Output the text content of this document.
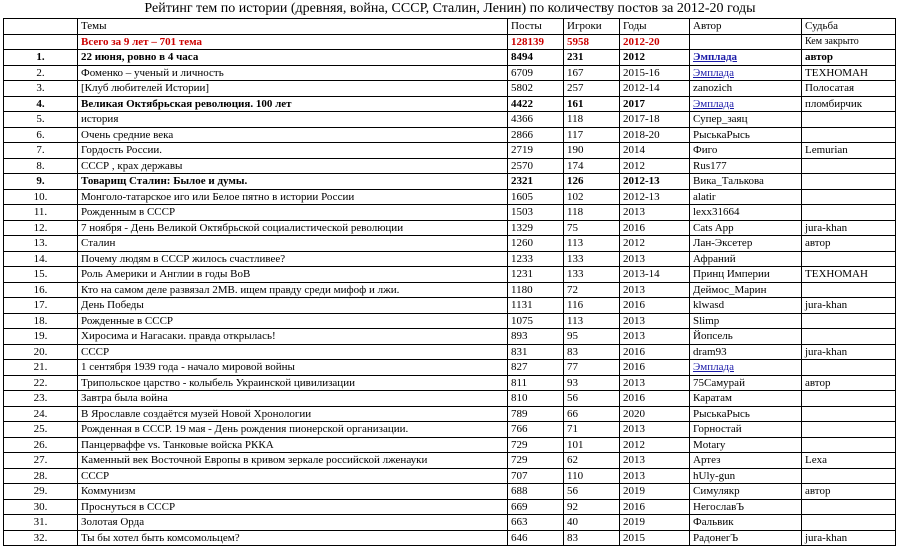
Рейтинг тем по истории (древняя, война, СССР, Сталин, Ленин) по количеству постов за 2012-20 годы
	Темы	Посты	Игроки	Годы	Автор	Судьба
	Всего за 9 лет – 701 тема	128139	5958	2012-20		Кем закрыто
1.	22 июня, ровно в 4 часа	8494	231	2012	Эмплада	автор
2.	Фоменко – ученый и личность	6709	167	2015-16	Эмплада	ТЕХНОМАН
3.	[Клуб любителей Истории]	5802	257	2012-14	zanozich	Полосатая
4.	Великая Октябрьская революция. 100 лет	4422	161	2017	Эмплада	пломбирчик
5.	история	4366	118	2017-18	Супер_заяц	
6.	Очень средние века	2866	117	2018-20	РыськаРысь	
7.	Гордость России.	2719	190	2014	Фиго	Lemurian
8.	СССР , крах державы	2570	174	2012	Rus177	
9.	Товарищ Сталин: Былое и думы.	2321	126	2012-13	Вика_Талькова	
10.	Монголо-татарское иго или Белое пятно в истории России	1605	102	2012-13	alatir	
11.	Рожденным в СССР	1503	118	2013	lexx31664	
12.	7 ноября - День Великой Октябрьской социалистической революции	1329	75	2016	Cats App	jura-khan
13.	Сталин	1260	113	2012	Лан-Эксетер	автор
14.	Почему людям в СССР жилось счастливее?	1233	133	2013	Афраний	
15.	Роль Америки и Англии в годы ВоВ	1231	133	2013-14	Принц Империи	ТЕХНОМАН
16.	Кто на самом деле развязал 2МВ. ищем правду среди мифоф и лжи.	1180	72	2013	Деймос_Марин	
17.	День Победы	1131	116	2016	klwasd	jura-khan
18.	Рожденные в СССР	1075	113	2013	Slimp	
19.	Хиросима и Нагасаки. правда открылась!	893	95	2013	Йопсель	
20.	СССР	831	83	2016	dram93	jura-khan
21.	1 сентября 1939 года - начало мировой войны	827	77	2016	Эмплада	
22.	Трипольское царство - колыбель Украинской цивилизации	811	93	2013	75Самурай	автор
23.	Завтра была война	810	56	2016	Каратам	
24.	В Ярославле создаётся музей Новой Хронологии	789	66	2020	РыськаРысь	
25.	Рожденная в СССР. 19 мая - День рождения пионерской организации.	766	71	2013	Горностай	
26.	Панцерваффе vs. Танковые войска РККА	729	101	2012	Motary	
27.	Каменный век Восточной Европы в кривом зеркале российской лженауки	729	62	2013	Артез	Lexa
28.	СССР	707	110	2013	hUly-gun	
29.	Коммунизм	688	56	2019	Симулякр	автор
30.	Проснуться в СССР	669	92	2016	НегославЪ	
31.	Золотая Орда	663	40	2019	Фальвик	
32.	Ты бы хотел быть комсомольцем?	646	83	2015	РадонегЪ	jura-khan
